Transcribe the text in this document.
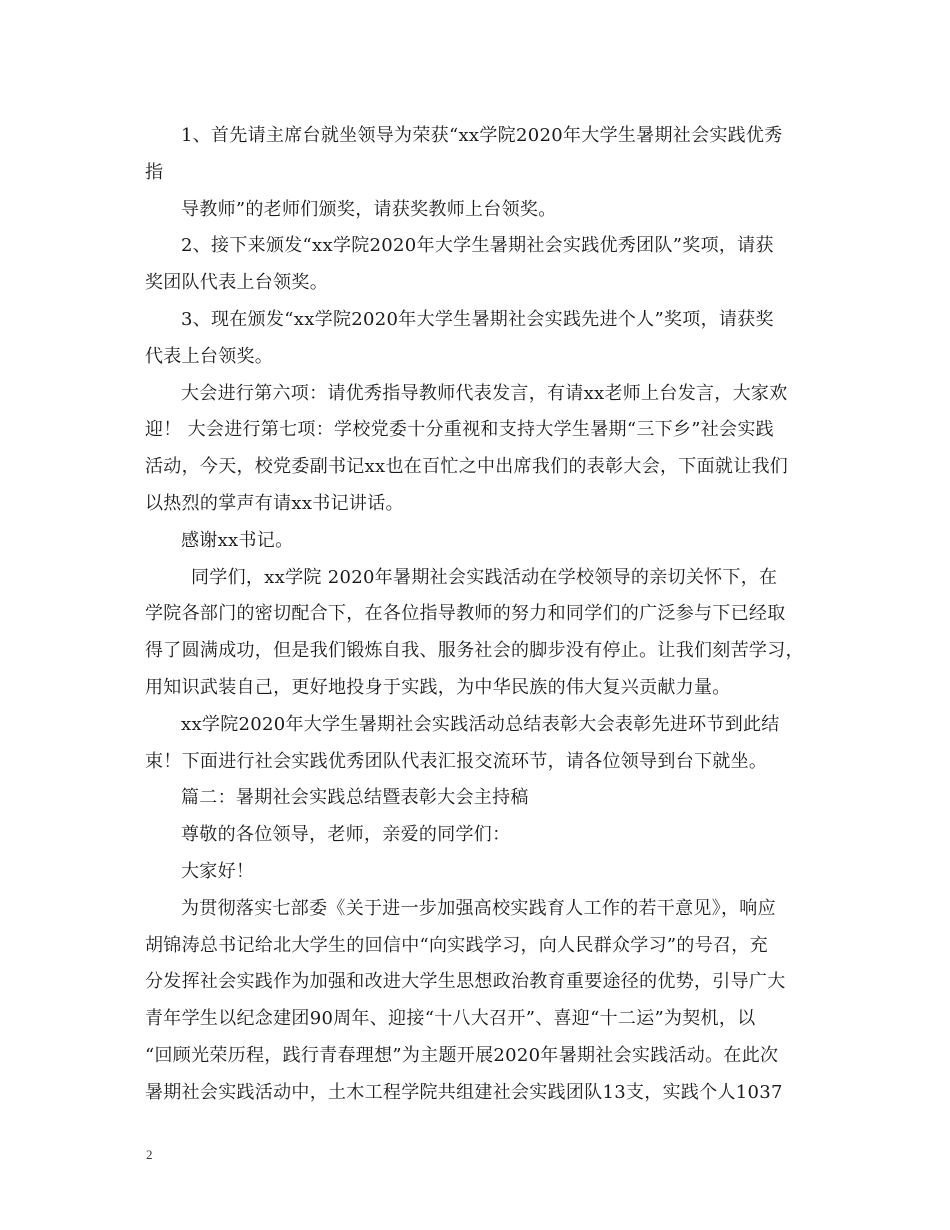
1、首先请主席台就坐领导为荣获“xx学院2020年大学生暑期社会实践优秀
指
导教师”的老师们颁奖，请获奖教师上台领奖。
2、接下来颁发“xx学院2020年大学生暑期社会实践优秀团队”奖项，请获
奖团队代表上台领奖。
3、现在颁发“xx学院2020年大学生暑期社会实践先进个人”奖项，请获奖
代表上台领奖。
大会进行第六项：请优秀指导教师代表发言，有请xx老师上台发言，大家欢
迎！ 大会进行第七项：学校党委十分重视和支持大学生暑期“三下乡”社会实践
活动，今天，校党委副书记xx也在百忙之中出席我们的表彰大会，下面就让我们
以热烈的掌声有请xx书记讲话。
感谢xx书记。
同学们，xx学院 2020年暑期社会实践活动在学校领导的亲切关怀下，在
学院各部门的密切配合下，在各位指导教师的努力和同学们的广泛参与下已经取
得了圆满成功，但是我们锻炼自我、服务社会的脚步没有停止。让我们刻苦学习，
用知识武装自己，更好地投身于实践，为中华民族的伟大复兴贡献力量。
xx学院2020年大学生暑期社会实践活动总结表彰大会表彰先进环节到此结
束！下面进行社会实践优秀团队代表汇报交流环节，请各位领导到台下就坐。
篇二：暑期社会实践总结暨表彰大会主持稿
尊敬的各位领导，老师，亲爱的同学们：
大家好！
为贯彻落实七部委《关于进一步加强高校实践育人工作的若干意见》，响应
胡锦涛总书记给北大学生的回信中“向实践学习，向人民群众学习”的号召，充
分发挥社会实践作为加强和改进大学生思想政治教育重要途径的优势，引导广大
青年学生以纪念建团90周年、迎接“十八大召开”、喜迎“十二运”为契机，以
“回顾光荣历程，践行青春理想”为主题开展2020年暑期社会实践活动。在此次
暑期社会实践活动中，土木工程学院共组建社会实践团队13支，实践个人1037
2
